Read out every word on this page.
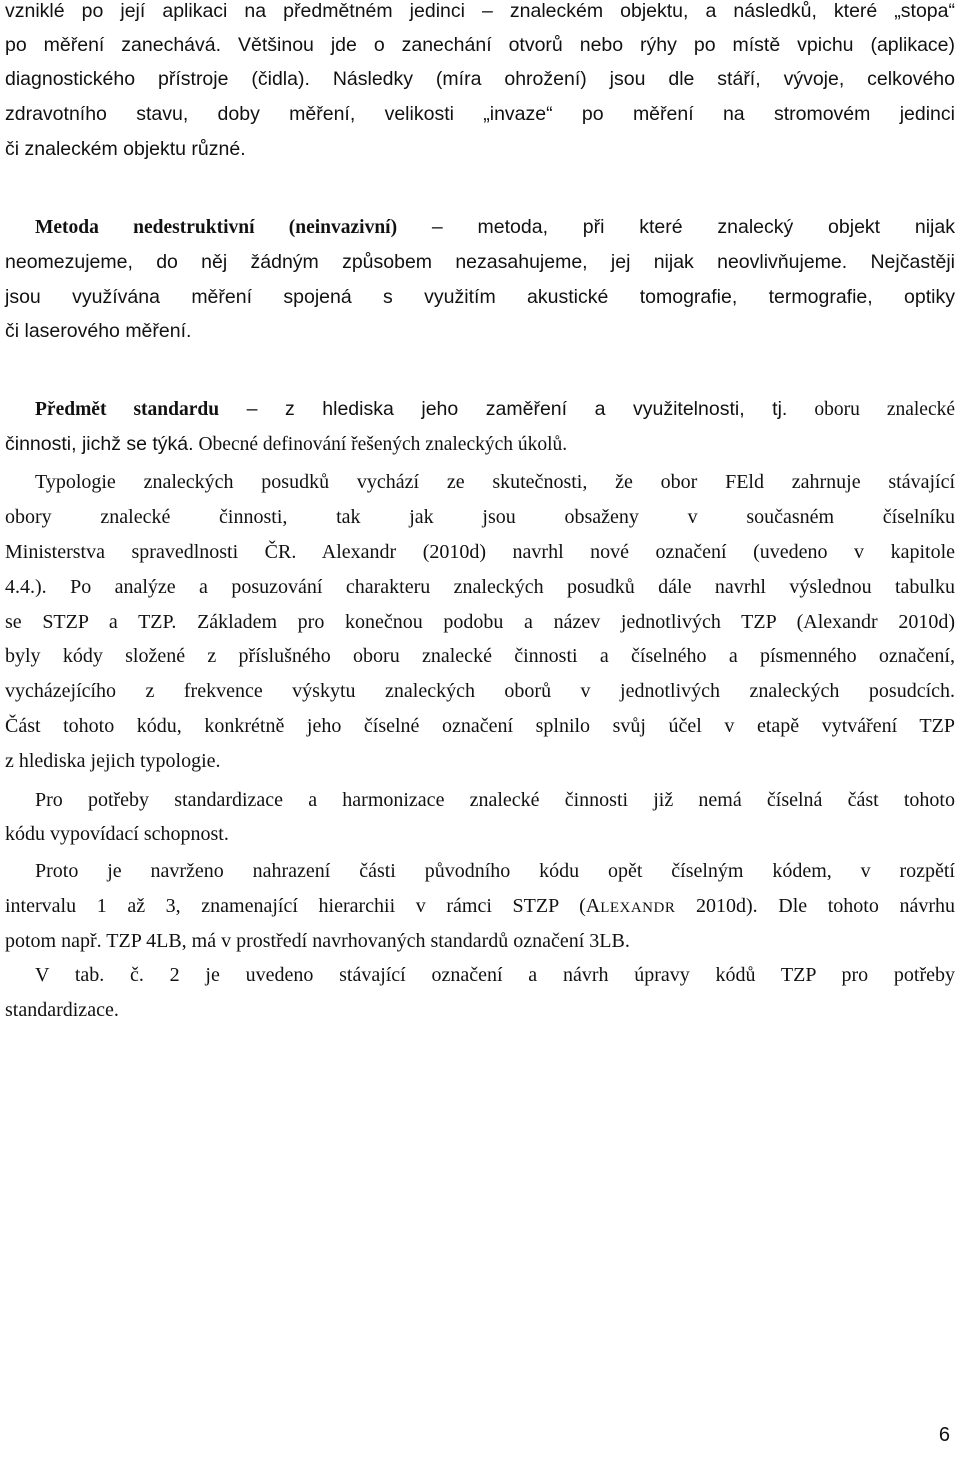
vzniklé po její aplikaci na předmětném jedinci – znaleckém objektu, a následků, které „stopa“
po měření zanechává. Většinou jde o zanechání otvorů nebo rýhy po místě vpichu (aplikace)
diagnostického přístroje (čidla). Následky (míra ohrožení) jsou dle stáří, vývoje, celkového
zdravotního stavu, doby měření, velikosti „invaze“ po měření na stromovém jedinci
či znaleckém objektu různé.
Metoda nedestruktivní (neinvazivní) – metoda, při které znalecký objekt nijak
neomezujeme, do něj žádným způsobem nezasahujeme, jej nijak neovlivňujeme. Nejčastěji
jsou využívána měření spojená s využitím akustické tomografie, termografie, optiky
či laserového měření.
Předmět standardu – z hlediska jeho zaměření a využitelnosti, tj. oboru znalecké
činnosti, jichž se týká. Obecné definování řešených znaleckých úkolů.
Typologie znaleckých posudků vychází ze skutečnosti, že obor FEld zahrnuje stávající
obory znalecké činnosti, tak jak jsou obsaženy v současném číselníku
Ministerstva spravedlnosti ČR. Alexandr (2010d) navrhl nové označení (uvedeno v kapitole
4.4.). Po analýze a posuzování charakteru znaleckých posudků dále navrhl výslednou tabulku
se STZP a TZP. Základem pro konečnou podobu a název jednotlivých TZP (Alexandr 2010d)
byly kódy složené z příslušného oboru znalecké činnosti a číselného a písmenného označení,
vycházejícího z frekvence výskytu znaleckých oborů v jednotlivých znaleckých posudcích.
Část tohoto kódu, konkrétně jeho číselné označení splnilo svůj účel v etapě vytváření TZP
z hlediska jejich typologie.
Pro potřeby standardizace a harmonizace znalecké činnosti již nemá číselná část tohoto
kódu vypovídací schopnost.
Proto je navrženo nahrazení části původního kódu opět číselným kódem, v rozpětí
intervalu 1 až 3, znamenající hierarchii v rámci STZP (ALEXANDR 2010d). Dle tohoto návrhu
potom např. TZP 4LB, má v prostředí navrhovaných standardů označení 3LB.
V tab. č. 2 je uvedeno stávající označení a návrh úpravy kódů TZP pro potřeby
standardizace.
6
